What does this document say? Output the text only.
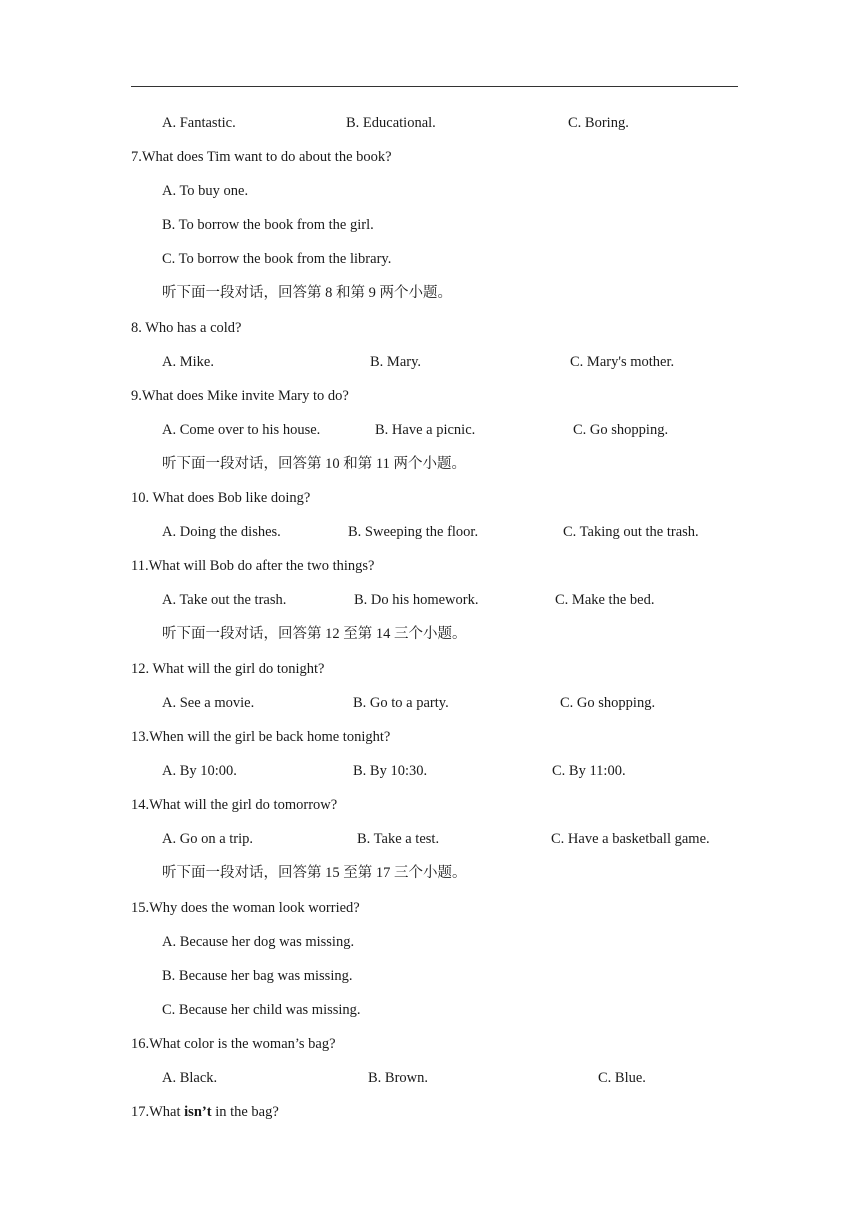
A. Fantastic.	B. Educational.	C. Boring.
7.What does Tim want to do about the book?
A. To buy one.
B. To borrow the book from the girl.
C. To borrow the book from the library.
听下面一段对话，回答第 8 和第 9 两个小题。
8. Who has a cold?
A. Mike.	B. Mary.	C. Mary's mother.
9.What does Mike invite Mary to do?
A. Come over to his house.	B. Have a picnic.	C. Go shopping.
听下面一段对话，回答第 10 和第 11 两个小题。
10. What does Bob like doing?
A. Doing the dishes.	B. Sweeping the floor.	C. Taking out the trash.
11.What will Bob do after the two things?
A. Take out the trash.	B. Do his homework.	C. Make the bed.
听下面一段对话，回答第 12 至第 14 三个小题。
12. What will the girl do tonight?
A. See a movie.	B. Go to a party.	C. Go shopping.
13.When will the girl be back home tonight?
A. By 10:00.	B. By 10:30.	C. By 11:00.
14.What will the girl do tomorrow?
A. Go on a trip.	B. Take a test.	C. Have a basketball game.
听下面一段对话，回答第 15 至第 17 三个小题。
15.Why does the woman look worried?
A. Because her dog was missing.
B. Because her bag was missing.
C. Because her child was missing.
16.What color is the woman’s bag?
A. Black.	B. Brown.	C. Blue.
17.What isn’t in the bag?
